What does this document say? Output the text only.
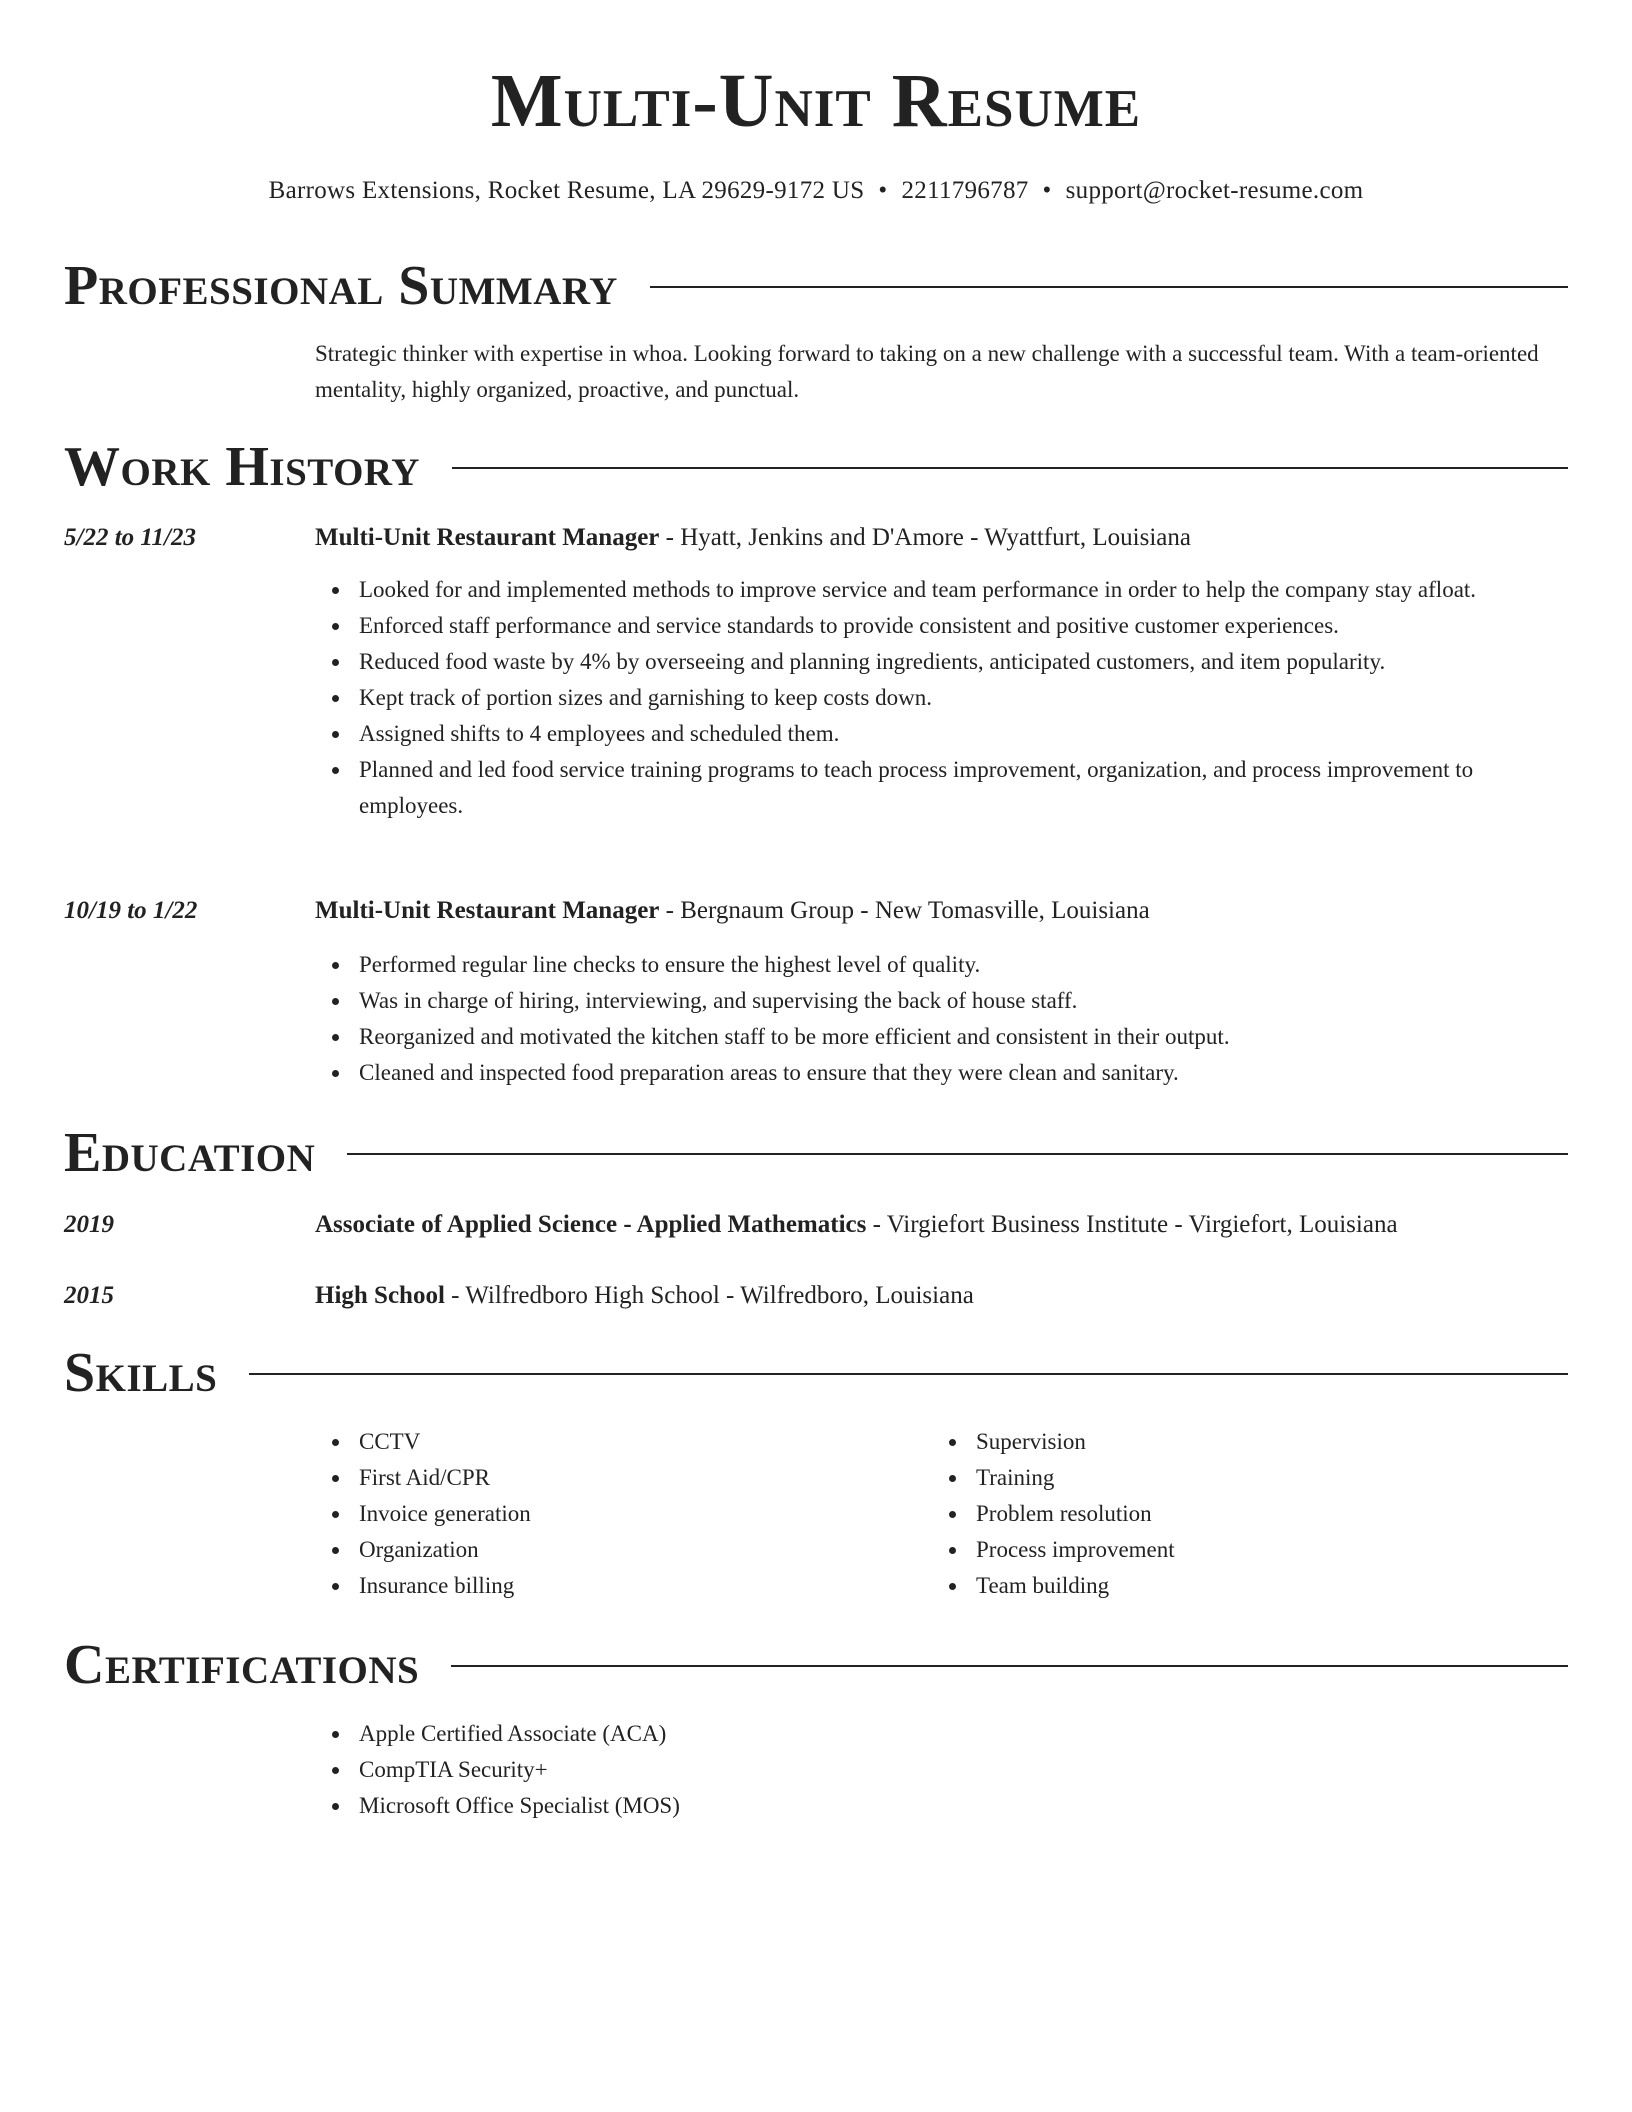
Multi-Unit Resume
Barrows Extensions, Rocket Resume, LA 29629-9172 US • 2211796787 • support@rocket-resume.com
Professional Summary

Strategic thinker with expertise in whoa. Looking forward to taking on a new challenge with a successful team. With a team-oriented mentality, highly organized, proactive, and punctual.

Work History
5/22 to 11/23	Multi-Unit Restaurant Manager - Hyatt, Jenkins and D'Amore - Wyattfurt, Louisiana
Looked for and implemented methods to improve service and team performance in order to help the company stay afloat.
Enforced staff performance and service standards to provide consistent and positive customer experiences.
Reduced food waste by 4% by overseeing and planning ingredients, anticipated customers, and item popularity.
Kept track of portion sizes and garnishing to keep costs down.
Assigned shifts to 4 employees and scheduled them.
Planned and led food service training programs to teach process improvement, organization, and process improvement to employees.
10/19 to 1/22	Multi-Unit Restaurant Manager - Bergnaum Group - New Tomasville, Louisiana
Performed regular line checks to ensure the highest level of quality.
Was in charge of hiring, interviewing, and supervising the back of house staff.
Reorganized and motivated the kitchen staff to be more efficient and consistent in their output.
Cleaned and inspected food preparation areas to ensure that they were clean and sanitary.
Education
2019	Associate of Applied Science - Applied Mathematics - Virgiefort Business Institute - Virgiefort, Louisiana
2015	High School - Wilfredboro High School - Wilfredboro, Louisiana
Skills
CCTV
First Aid/CPR
Invoice generation
Organization
Insurance billing
Supervision
Training
Problem resolution
Process improvement
Team building
Certifications
Apple Certified Associate (ACA)
CompTIA Security+
Microsoft Office Specialist (MOS)
